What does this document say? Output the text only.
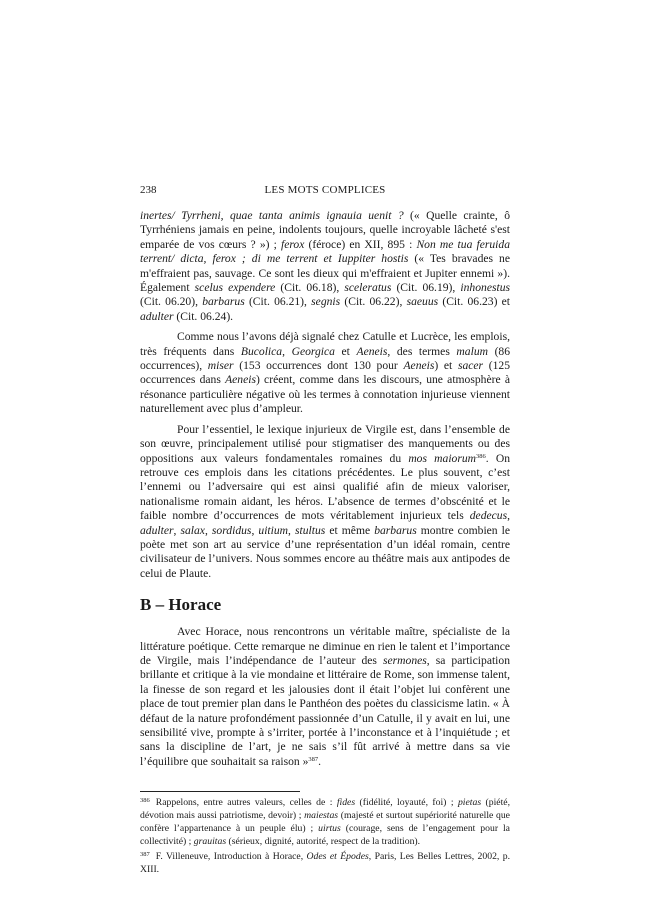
238	LES MOTS COMPLICES

inertes/ Tyrrheni, quae tanta animis ignauia uenit ? (« Quelle crainte, ô Tyrrhéniens jamais en peine, indolents toujours, quelle incroyable lâcheté s'est emparée de vos cœurs ? ») ; ferox (féroce) en XII, 895 : Non me tua feruida terrent/ dicta, ferox ; di me terrent et Iuppiter hostis (« Tes bravades ne m'effraient pas, sauvage. Ce sont les dieux qui m'effraient et Jupiter ennemi »). Également scelus expendere (Cit. 06.18), sceleratus (Cit. 06.19), inhonestus (Cit. 06.20), barbarus (Cit. 06.21), segnis (Cit. 06.22), saeuus (Cit. 06.23) et adulter (Cit. 06.24).

Comme nous l’avons déjà signalé chez Catulle et Lucrèce, les emplois, très fréquents dans Bucolica, Georgica et Aeneis, des termes malum (86 occurrences), miser (153 occurrences dont 130 pour Aeneis) et sacer (125 occurrences dans Aeneis) créent, comme dans les discours, une atmosphère à résonance particulière négative où les termes à connotation injurieuse viennent naturellement avec plus d’ampleur.

Pour l’essentiel, le lexique injurieux de Virgile est, dans l’ensemble de son œuvre, principalement utilisé pour stigmatiser des manquements ou des oppositions aux valeurs fondamentales romaines du mos maiorum$^{386}$. On retrouve ces emplois dans les citations précédentes. Le plus souvent, c’est l’ennemi ou l’adversaire qui est ainsi qualifié afin de mieux valoriser, nationalisme romain aidant, les héros. L’absence de termes d’obscénité et le faible nombre d’occurrences de mots véritablement injurieux tels dedecus, adulter, salax, sordidus, uitium, stultus et même barbarus montre combien le poète met son art au service d’une représentation d’un idéal romain, centre civilisateur de l’univers. Nous sommes encore au théâtre mais aux antipodes de celui de Plaute.

B – Horace

Avec Horace, nous rencontrons un véritable maître, spécialiste de la littérature poétique. Cette remarque ne diminue en rien le talent et l’importance de Virgile, mais l’indépendance de l’auteur des sermones, sa participation brillante et critique à la vie mondaine et littéraire de Rome, son immense talent, la finesse de son regard et les jalousies dont il était l’objet lui confèrent une place de tout premier plan dans le Panthéon des poètes du classicisme latin. « À défaut de la nature profondément passionnée d’un Catulle, il y avait en lui, une sensibilité vive, prompte à s’irriter, portée à l’inconstance et à l’inquiétude ; et sans la discipline de l’art, je ne sais s’il fût arrivé à mettre dans sa vie l’équilibre que souhaitait sa raison »$^{387}$.

$^{386}$ Rappelons, entre autres valeurs, celles de : fides (fidélité, loyauté, foi) ; pietas (piété, dévotion mais aussi patriotisme, devoir) ; maiestas (majesté et surtout supériorité naturelle que confère l’appartenance à un peuple élu) ; uirtus (courage, sens de l’engagement pour la collectivité) ; grauitas (sérieux, dignité, autorité, respect de la tradition).

$^{387}$ F. Villeneuve, Introduction à Horace, Odes et Épodes, Paris, Les Belles Lettres, 2002, p. XIII.
